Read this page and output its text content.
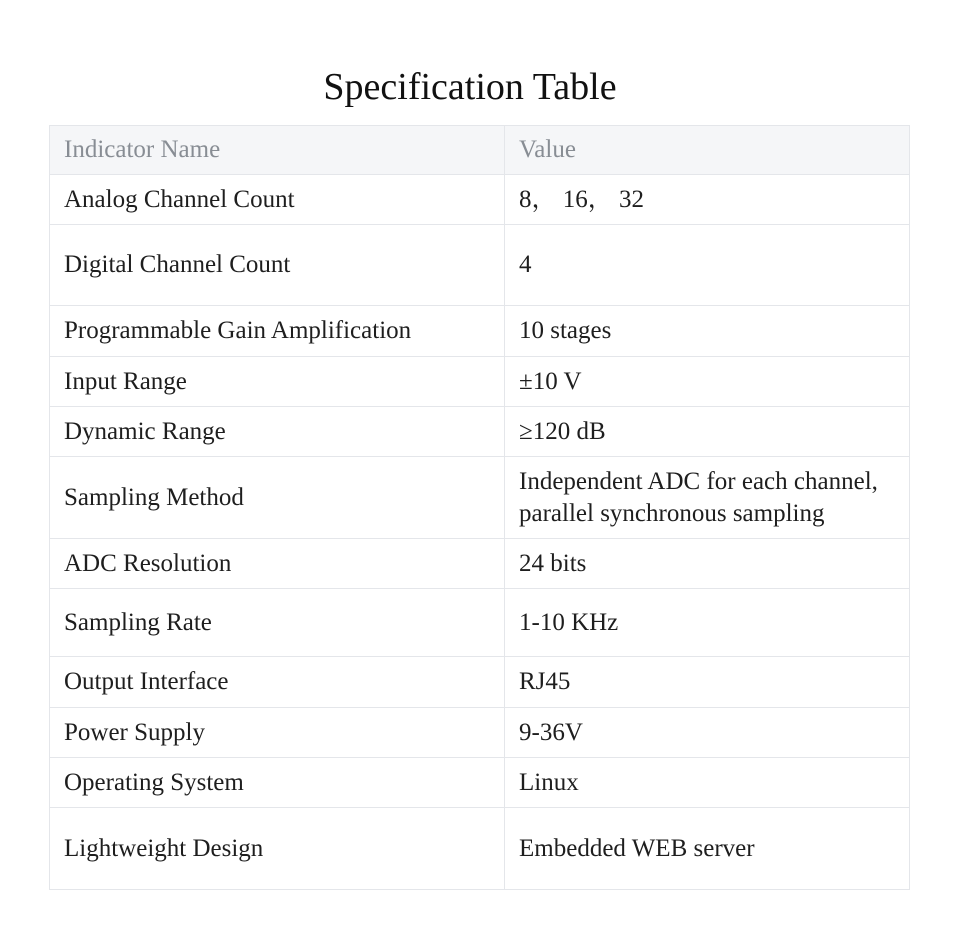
Specification Table
Indicator Name	Value
Analog Channel Count	8， 16， 32
Digital Channel Count	4
Programmable Gain Amplification	10 stages
Input Range	±10 V
Dynamic Range	≥120 dB
Sampling Method	Independent ADC for each channel, parallel synchronous sampling
ADC Resolution	24 bits
Sampling Rate	1-10 KHz
Output Interface	RJ45
Power Supply	9-36V
Operating System	Linux
Lightweight Design	Embedded WEB server
